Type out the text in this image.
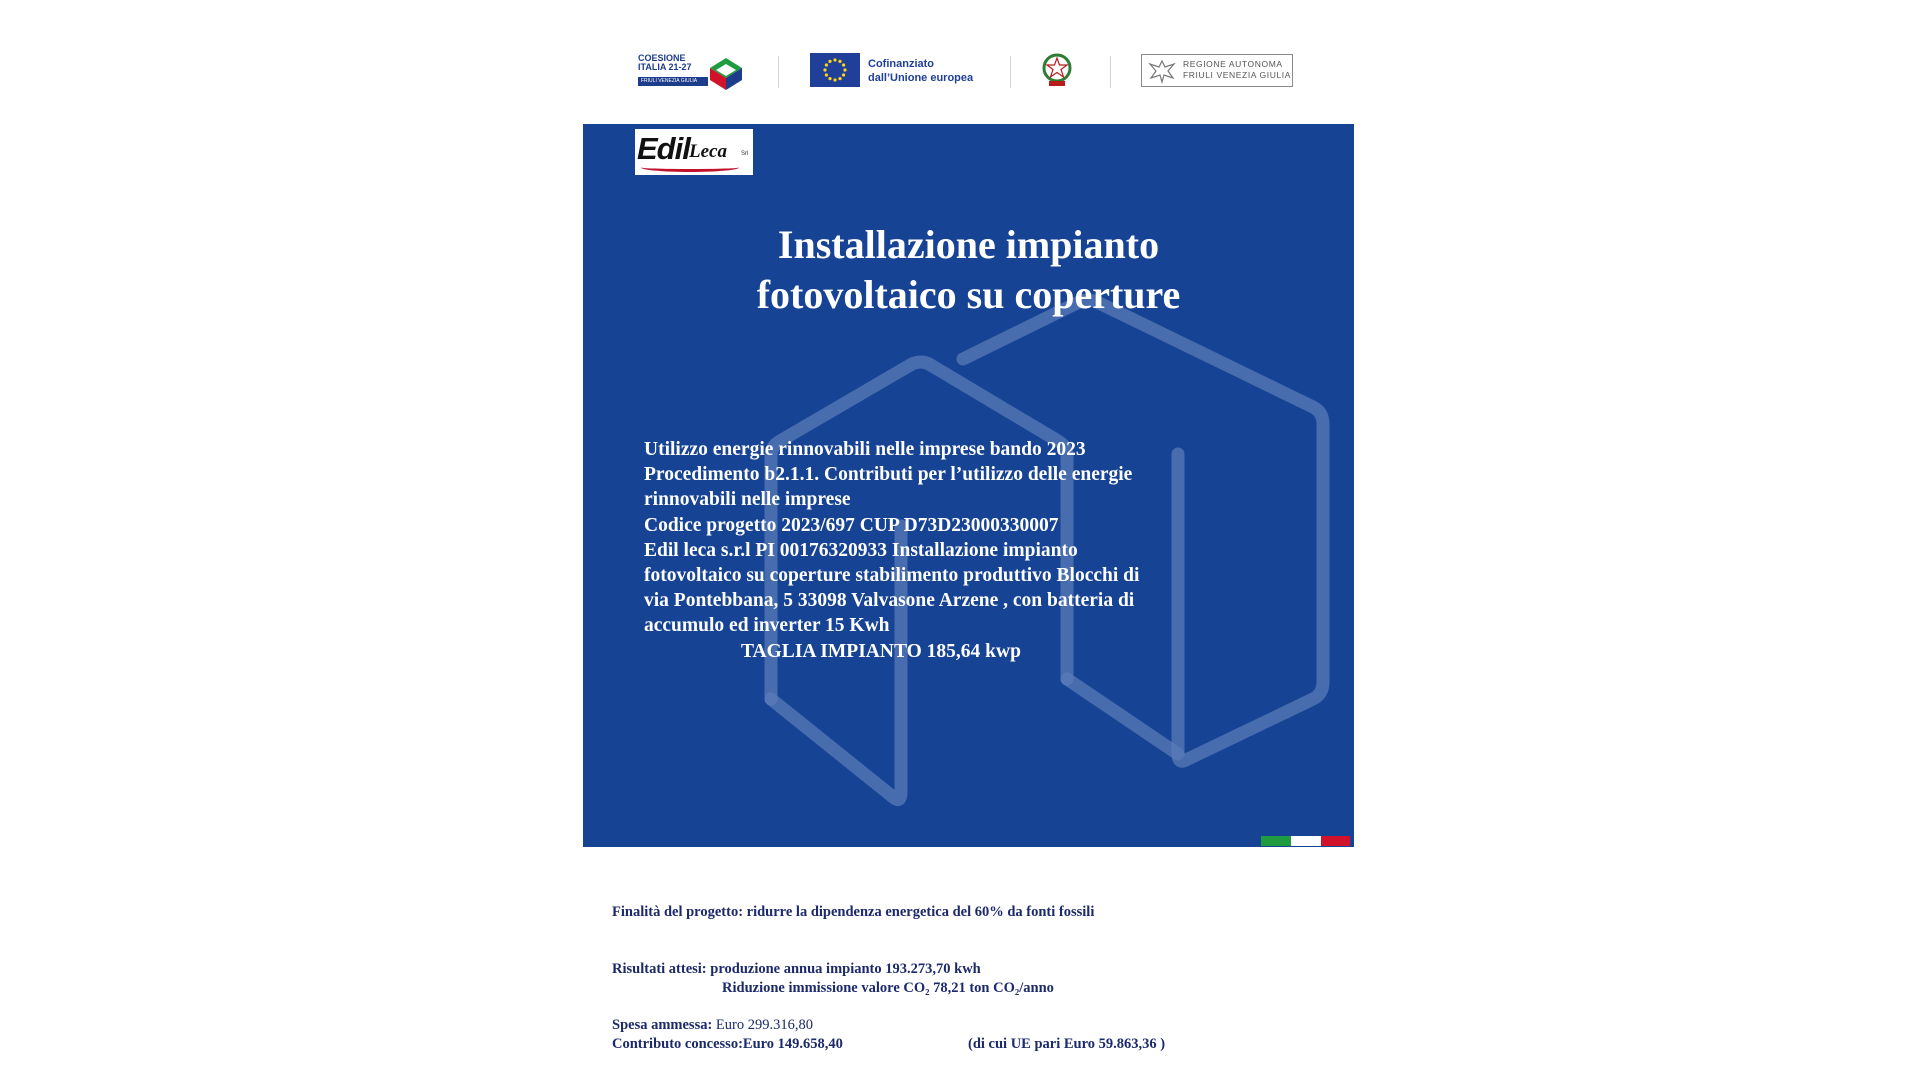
COESIONE
ITALIA 21-27
FRIULI VENEZIA GIULIA
Cofinanziato
dall’Unione europea
REGIONE AUTONOMA
FRIULI VENEZIA GIULIA
Edil Leca Srl
Installazione impianto
fotovoltaico su coperture
Utilizzo energie rinnovabili nelle imprese bando 2023
Procedimento b2.1.1. Contributi per l’utilizzo delle energie
rinnovabili nelle imprese
Codice progetto 2023/697 CUP D73D23000330007
Edil leca s.r.l PI 00176320933 Installazione impianto
fotovoltaico su coperture stabilimento produttivo Blocchi di
via Pontebbana, 5 33098 Valvasone Arzene , con batteria di
accumulo ed inverter 15 Kwh
TAGLIA IMPIANTO 185,64 kwp
Finalità del progetto: ridurre la dipendenza energetica del 60% da fonti fossili
Risultati attesi: produzione annua impianto 193.273,70 kwh
Riduzione immissione valore CO₂ 78,21 ton CO₂/anno
Spesa ammessa: Euro 299.316,80
Contributo concesso:Euro 149.658,40	(di cui UE pari Euro 59.863,36 )
